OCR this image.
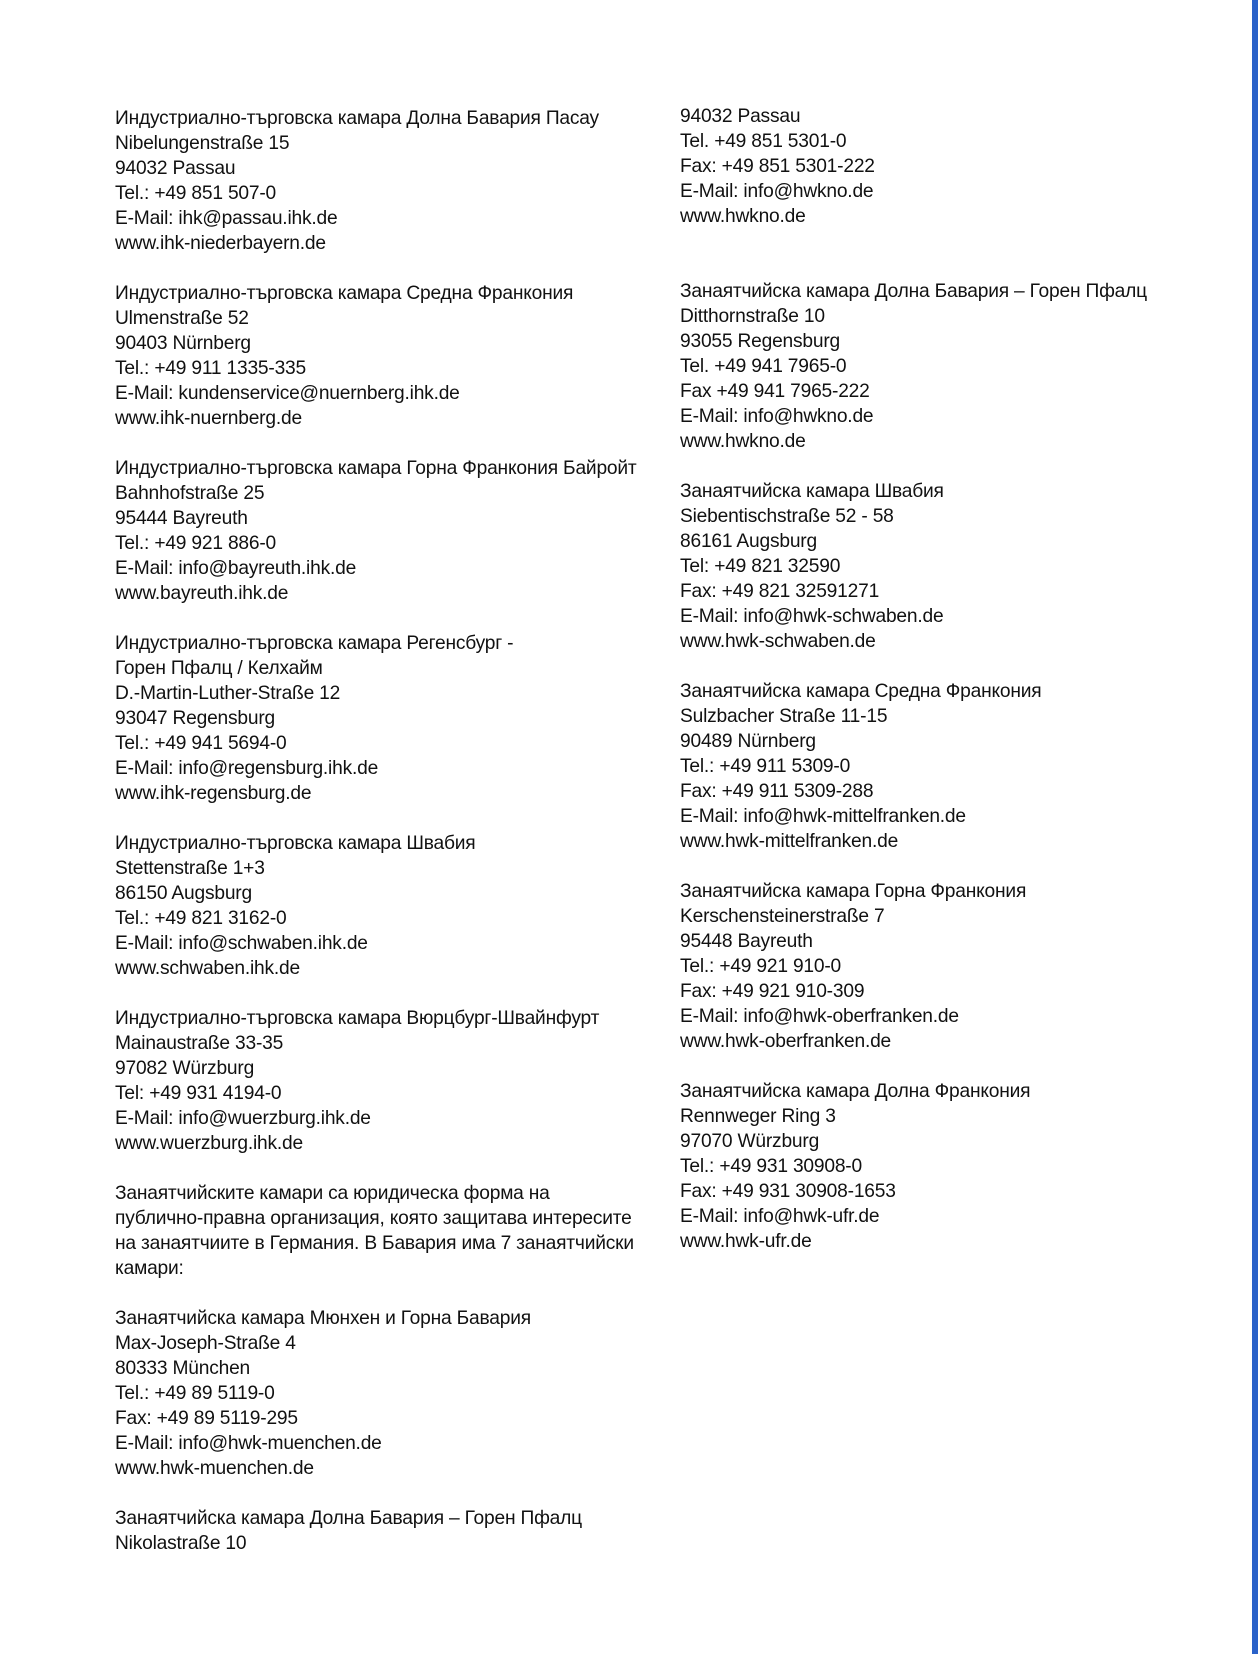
Индустриално-търговска камара Долна Бавария Пасау
Nibelungenstraße 15
94032 Passau
Tel.: +49 851 507-0
E-Mail: ihk@passau.ihk.de
www.ihk-niederbayern.de
Индустриално-търговска камара Средна Франкония
Ulmenstraße 52
90403 Nürnberg
Tel.: +49 911 1335-335
E-Mail: kundenservice@nuernberg.ihk.de
www.ihk-nuernberg.de
Индустриално-търговска камара Горна Франкония Байройт
Bahnhofstraße 25
95444 Bayreuth
Tel.: +49 921 886-0
E-Mail: info@bayreuth.ihk.de
www.bayreuth.ihk.de
Индустриално-търговска камара Регенсбург -
Горен Пфалц / Келхайм
D.-Martin-Luther-Straße 12
93047 Regensburg
Tel.: +49 941 5694-0
E-Mail: info@regensburg.ihk.de
www.ihk-regensburg.de
Индустриално-търговска камара Швабия
Stettenstraße 1+3
86150 Augsburg
Tel.: +49 821 3162-0
E-Mail: info@schwaben.ihk.de
www.schwaben.ihk.de
Индустриално-търговска камара Вюрцбург-Швайнфурт
Mainaustraße 33-35
97082 Würzburg
Tel: +49 931 4194-0
E-Mail: info@wuerzburg.ihk.de
www.wuerzburg.ihk.de
Занаятчийските камари са юридическа форма на
публично-правна организация, която защитава интересите
на занаятчиите в Германия. В Бавария има 7 занаятчийски
камари:
Занаятчийска камара Мюнхен и Горна Бавария
Max-Joseph-Straße 4
80333 München
Tel.: +49 89 5119-0
Fax: +49 89 5119-295
E-Mail: info@hwk-muenchen.de
www.hwk-muenchen.de
Занаятчийска камара Долна Бавария – Горен Пфалц
Nikolastraße 10
94032 Passau
Tel. +49 851 5301-0
Fax: +49 851 5301-222
E-Mail: info@hwkno.de
www.hwkno.de
Занаятчийска камара Долна Бавария – Горен Пфалц
Ditthornstraße 10
93055 Regensburg
Tel. +49 941 7965-0
Fax +49 941 7965-222
E-Mail: info@hwkno.de
www.hwkno.de
Занаятчийска камара Швабия
Siebentischstraße 52 - 58
86161 Augsburg
Tel: +49 821 32590
Fax: +49 821 32591271
E-Mail: info@hwk-schwaben.de
www.hwk-schwaben.de
Занаятчийска камара Средна Франкония
Sulzbacher Straße 11-15
90489 Nürnberg
Tel.: +49 911 5309-0
Fax: +49 911 5309-288
E-Mail: info@hwk-mittelfranken.de
www.hwk-mittelfranken.de
Занаятчийска камара Горна Франкония
Kerschensteinerstraße 7
95448 Bayreuth
Tel.: +49 921 910-0
Fax: +49 921 910-309
E-Mail: info@hwk-oberfranken.de
www.hwk-oberfranken.de
Занаятчийска камара Долна Франкония
Rennweger Ring 3
97070 Würzburg
Tel.: +49 931 30908-0
Fax: +49 931 30908-1653
E-Mail: info@hwk-ufr.de
www.hwk-ufr.de
